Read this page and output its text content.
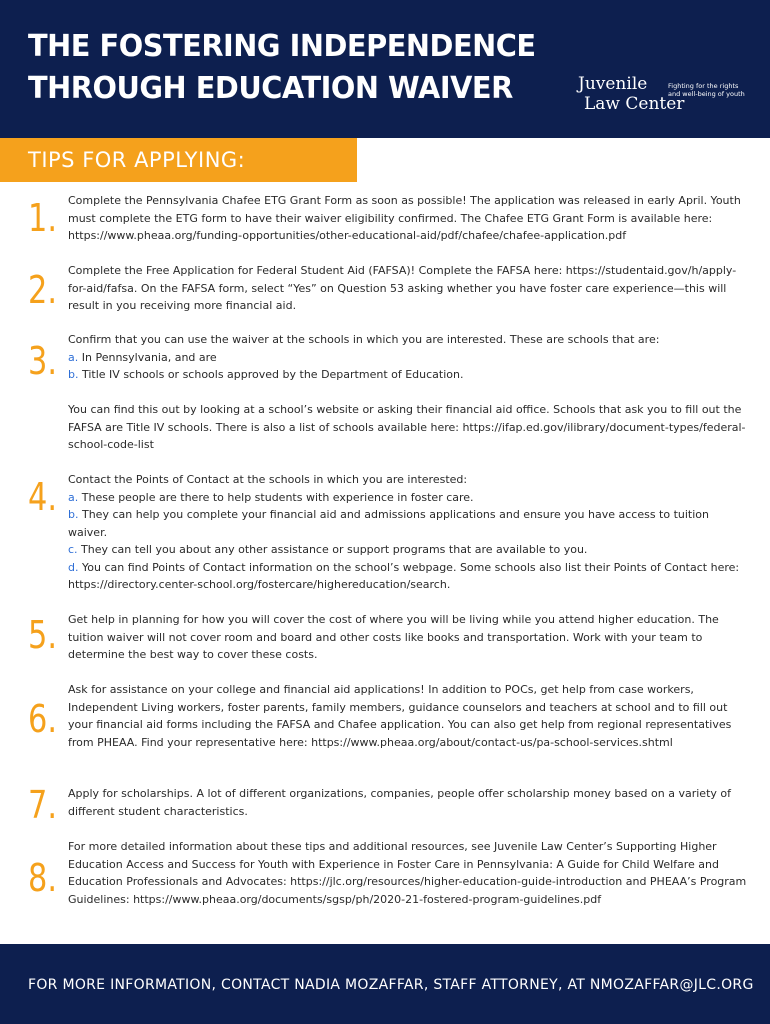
THE FOSTERING INDEPENDENCE
THROUGH EDUCATION WAIVER	Juvenile
Law Center
Fighting for the rights and well-being of youth
TIPS FOR APPLYING:
1. Complete the Pennsylvania Chafee ETG Grant Form as soon as possible! The application was released in early April. Youth must complete the ETG form to have their waiver eligibility confirmed. The Chafee ETG Grant Form is available here: https://www.pheaa.org/funding-opportunities/other-educational-aid/pdf/chafee/chafee-application.pdf
2. Complete the Free Application for Federal Student Aid (FAFSA)! Complete the FAFSA here: https://studentaid.gov/h/apply-for-aid/fafsa. On the FAFSA form, select “Yes” on Question 53 asking whether you have foster care experience—this will result in you receiving more financial aid.
3. Confirm that you can use the waiver at the schools in which you are interested. These are schools that are:

a. In Pennsylvania, and are

b. Title IV schools or schools approved by the Department of Education.

You can find this out by looking at a school’s website or asking their financial aid office. Schools that ask you to fill out the FAFSA are Title IV schools. There is also a list of schools available here: https://ifap.ed.gov/ilibrary/document-types/federal-school-code-list

4. Contact the Points of Contact at the schools in which you are interested:

a. These people are there to help students with experience in foster care.

b. They can help you complete your financial aid and admissions applications and ensure you have access to tuition waiver.

c. They can tell you about any other assistance or support programs that are available to you.

d. You can find Points of Contact information on the school’s webpage. Some schools also list their Points of Contact here: https://directory.center-school.org/fostercare/highereducation/search.

5. Get help in planning for how you will cover the cost of where you will be living while you attend higher education. The tuition waiver will not cover room and board and other costs like books and transportation. Work with your team to determine the best way to cover these costs.
6.
Ask for assistance on your college and financial aid applications! In addition to POCs, get help from case workers, Independent Living workers, foster parents, family members, guidance counselors and teachers at school and to fill out your financial aid forms including the FAFSA and Chafee application. You can also get help from regional representatives from PHEAA. Find your representative here: https://www.pheaa.org/about/contact-us/pa-school-services.shtml
7. Apply for scholarships. A lot of different organizations, companies, people offer scholarship money based on a variety of different student characteristics.
8.
For more detailed information about these tips and additional resources, see Juvenile Law Center’s Supporting Higher Education Access and Success for Youth with Experience in Foster Care in Pennsylvania: A Guide for Child Welfare and Education Professionals and Advocates: https://jlc.org/resources/higher-education-guide-introduction and PHEAA’s Program Guidelines: https://www.pheaa.org/documents/sgsp/ph/2020-21-fostered-program-guidelines.pdf
FOR MORE INFORMATION, CONTACT NADIA MOZAFFAR, STAFF ATTORNEY, AT NMOZAFFAR@JLC.ORG
